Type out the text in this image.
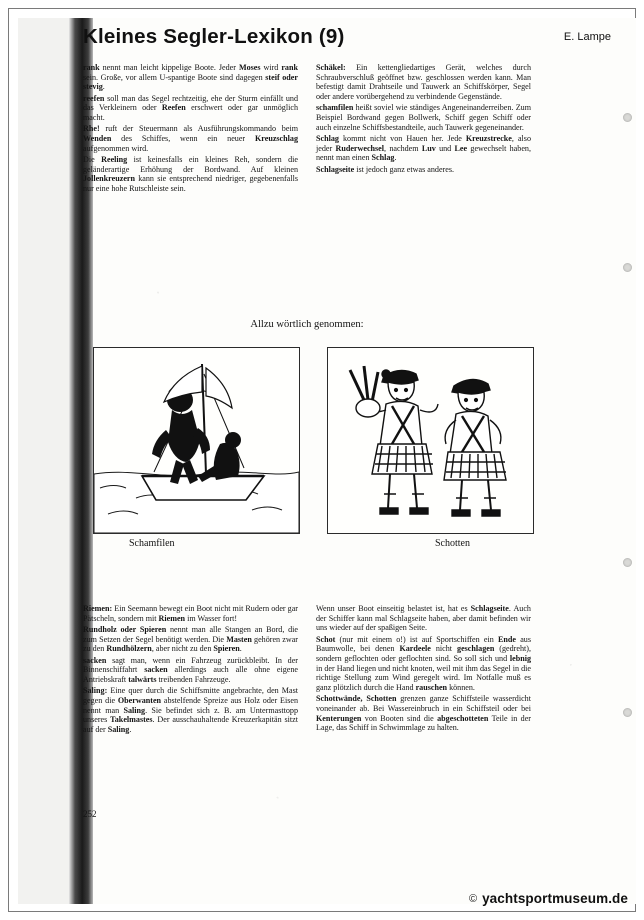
Kleines Segler-Lexikon (9)	E. Lampe

rank nennt man leicht kippelige Boote. Jeder Moses wird rank sein. Große, vor allem U-spantige Boote sind dagegen steif oder stevig.

reefen soll man das Segel rechtzeitig, ehe der Sturm einfällt und das Verkleinern oder Reefen erschwert oder gar unmöglich macht.

Rhe! ruft der Steuermann als Ausführungskommando beim Wenden des Schiffes, wenn ein neuer Kreuzschlag aufgenommen wird.

Die Reeling ist keinesfalls ein kleines Reh, sondern die geländerartige Erhöhung der Bordwand. Auf kleinen Jollenkreuzern kann sie entsprechend niedriger, gegebenenfalls nur eine hohe Rutschleiste sein.

Schäkel: Ein kettengliedartiges Gerät, welches durch Schraubverschluß geöffnet bzw. geschlossen werden kann. Man befestigt damit Drahtseile und Tauwerk an Schiffskörper, Segel oder andere vorübergehend zu verbindende Gegenstände.

schamfilen heißt soviel wie ständiges Angeneinanderreiben. Zum Beispiel Bordwand gegen Bollwerk, Schiff gegen Schiff oder auch einzelne Schiffsbestandteile, auch Tauwerk gegeneinander.

Schlag kommt nicht von Hauen her. Jede Kreuzstrecke, also jeder Ruderwechsel, nachdem Luv und Lee gewechselt haben, nennt man einen Schlag.

Schlagseite ist jedoch ganz etwas anderes.

Allzu wörtlich genommen:
Schamfilen	Schotten

Riemen: Ein Seemann bewegt ein Boot nicht mit Rudern oder gar Pätscheln, sondern mit Riemen im Wasser fort!

Rundholz oder Spieren nennt man alle Stangen an Bord, die zum Setzen der Segel benötigt werden. Die Masten gehören zwar zu den Rundhölzern, aber nicht zu den Spieren.

sacken sagt man, wenn ein Fahrzeug zurückbleibt. In der Binnenschiffahrt sacken allerdings auch alle ohne eigene Antriebskraft talwärts treibenden Fahrzeuge.

Saling: Eine quer durch die Schiffsmitte angebrachte, den Mast gegen die Oberwanten abstelfende Spreize aus Holz oder Eisen nennt man Saling. Sie befindet sich z. B. am Untermasttopp unseres Takelmastes. Der ausschauhaltende Kreuzerkapitän sitzt auf der Saling.

Wenn unser Boot einseitig belastet ist, hat es Schlagseite. Auch der Schiffer kann mal Schlagseite haben, aber damit befinden wir uns wieder auf der spaßigen Seite.

Schot (nur mit einem o!) ist auf Sportschiffen ein Ende aus Baumwolle, bei denen Kardeele nicht geschlagen (gedreht), sondern geflochten oder geflochten sind. So soll sich und lebnig in der Hand liegen und nicht knoten, weil mit ihm das Segel in die richtige Stellung zum Wind geregelt wird. Im Notfalle muß es ganz plötzlich durch die Hand rauschen können.

Schottwände, Schotten grenzen ganze Schiffsteile wasserdicht voneinander ab. Bei Wassereinbruch in ein Schiffsteil oder bei Kenterungen von Booten sind die abgeschotteten Teile in der Lage, das Schiff in Schwimmlage zu halten.

252
© yachtsportmuseum.de
